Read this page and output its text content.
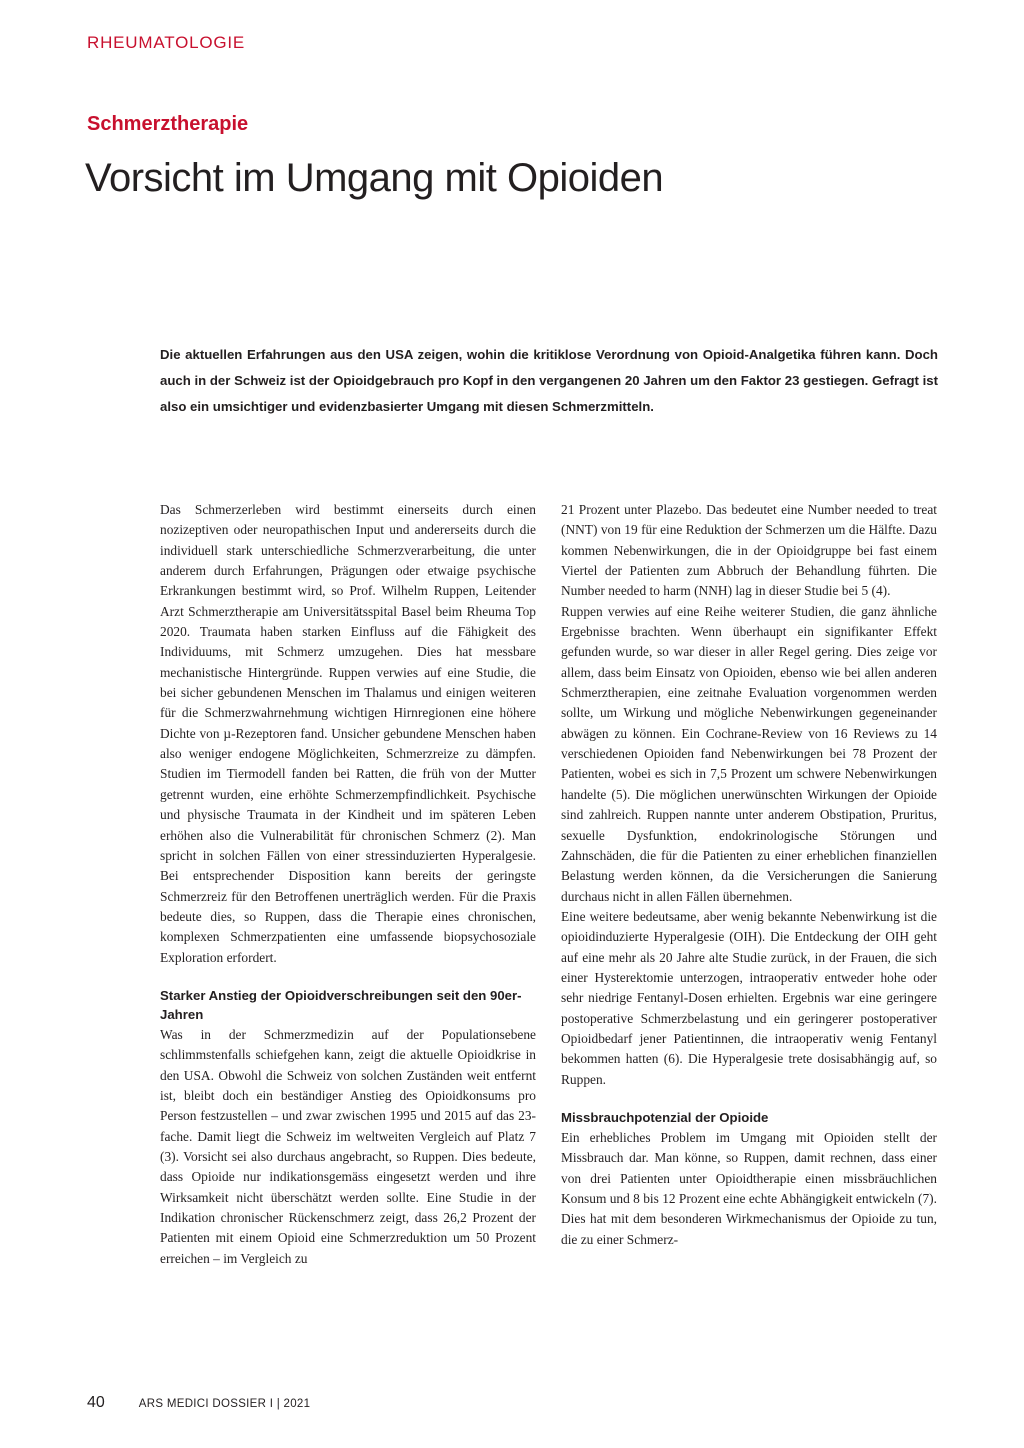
RHEUMATOLOGIE
Schmerztherapie
Vorsicht im Umgang mit Opioiden

Die aktuellen Erfahrungen aus den USA zeigen, wohin die kritiklose Verordnung von Opioid-Analgetika führen kann. Doch auch in der Schweiz ist der Opioidgebrauch pro Kopf in den vergangenen 20 Jahren um den Faktor 23 gestiegen. Gefragt ist also ein umsichtiger und evidenzbasierter Umgang mit diesen Schmerzmitteln.

Das Schmerzerleben wird bestimmt einerseits durch einen nozizeptiven oder neuropathischen Input und andererseits durch die individuell stark unterschiedliche Schmerzverarbeitung, die unter anderem durch Erfahrungen, Prägungen oder etwaige psychische Erkrankungen bestimmt wird, so Prof. Wilhelm Ruppen, Leitender Arzt Schmerztherapie am Universitätsspital Basel beim Rheuma Top 2020. Traumata haben starken Einfluss auf die Fähigkeit des Individuums, mit Schmerz umzugehen. Dies hat messbare mechanistische Hintergründe. Ruppen verwies auf eine Studie, die bei sicher gebundenen Menschen im Thalamus und einigen weiteren für die Schmerzwahrnehmung wichtigen Hirnregionen eine höhere Dichte von µ-Rezeptoren fand. Unsicher gebundene Menschen haben also weniger endogene Möglichkeiten, Schmerzreize zu dämpfen. Studien im Tiermodell fanden bei Ratten, die früh von der Mutter getrennt wurden, eine erhöhte Schmerzempfindlichkeit. Psychische und physische Traumata in der Kindheit und im späteren Leben erhöhen also die Vulnerabilität für chronischen Schmerz (2). Man spricht in solchen Fällen von einer stressinduzierten Hyperalgesie. Bei entsprechender Disposition kann bereits der geringste Schmerzreiz für den Betroffenen unerträglich werden. Für die Praxis bedeute dies, so Ruppen, dass die Therapie eines chronischen, komplexen Schmerzpatienten eine umfassende biopsychosoziale Exploration erfordert.

Starker Anstieg der Opioidverschreibungen seit den 90er-Jahren

Was in der Schmerzmedizin auf der Populationsebene schlimmstenfalls schiefgehen kann, zeigt die aktuelle Opioidkrise in den USA. Obwohl die Schweiz von solchen Zuständen weit entfernt ist, bleibt doch ein beständiger Anstieg des Opioidkonsums pro Person festzustellen – und zwar zwischen 1995 und 2015 auf das 23-fache. Damit liegt die Schweiz im weltweiten Vergleich auf Platz 7 (3). Vorsicht sei also durchaus angebracht, so Ruppen. Dies bedeute, dass Opioide nur indikationsgemäss eingesetzt werden und ihre Wirksamkeit nicht überschätzt werden sollte. Eine Studie in der Indikation chronischer Rückenschmerz zeigt, dass 26,2 Prozent der Patienten mit einem Opioid eine Schmerzreduktion um 50 Prozent erreichen – im Vergleich zu

21 Prozent unter Plazebo. Das bedeutet eine Number needed to treat (NNT) von 19 für eine Reduktion der Schmerzen um die Hälfte. Dazu kommen Nebenwirkungen, die in der Opioidgruppe bei fast einem Viertel der Patienten zum Abbruch der Behandlung führten. Die Number needed to harm (NNH) lag in dieser Studie bei 5 (4).

Ruppen verwies auf eine Reihe weiterer Studien, die ganz ähnliche Ergebnisse brachten. Wenn überhaupt ein signifikanter Effekt gefunden wurde, so war dieser in aller Regel gering. Dies zeige vor allem, dass beim Einsatz von Opioiden, ebenso wie bei allen anderen Schmerztherapien, eine zeitnahe Evaluation vorgenommen werden sollte, um Wirkung und mögliche Nebenwirkungen gegeneinander abwägen zu können. Ein Cochrane-Review von 16 Reviews zu 14 verschiedenen Opioiden fand Nebenwirkungen bei 78 Prozent der Patienten, wobei es sich in 7,5 Prozent um schwere Nebenwirkungen handelte (5). Die möglichen unerwünschten Wirkungen der Opioide sind zahlreich. Ruppen nannte unter anderem Obstipation, Pruritus, sexuelle Dysfunktion, endokrinologische Störungen und Zahnschäden, die für die Patienten zu einer erheblichen finanziellen Belastung werden können, da die Versicherungen die Sanierung durchaus nicht in allen Fällen übernehmen.

Eine weitere bedeutsame, aber wenig bekannte Nebenwirkung ist die opioidinduzierte Hyperalgesie (OIH). Die Entdeckung der OIH geht auf eine mehr als 20 Jahre alte Studie zurück, in der Frauen, die sich einer Hysterektomie unterzogen, intraoperativ entweder hohe oder sehr niedrige Fentanyl-Dosen erhielten. Ergebnis war eine geringere postoperative Schmerzbelastung und ein geringerer postoperativer Opioidbedarf jener Patientinnen, die intraoperativ wenig Fentanyl bekommen hatten (6). Die Hyperalgesie trete dosisabhängig auf, so Ruppen.

Missbrauchpotenzial der Opioide

Ein erhebliches Problem im Umgang mit Opioiden stellt der Missbrauch dar. Man könne, so Ruppen, damit rechnen, dass einer von drei Patienten unter Opioidtherapie einen missbräuchlichen Konsum und 8 bis 12 Prozent eine echte Abhängigkeit entwickeln (7). Dies hat mit dem besonderen Wirkmechanismus der Opioide zu tun, die zu einer Schmerz-

40	ARS MEDICI DOSSIER I | 2021
